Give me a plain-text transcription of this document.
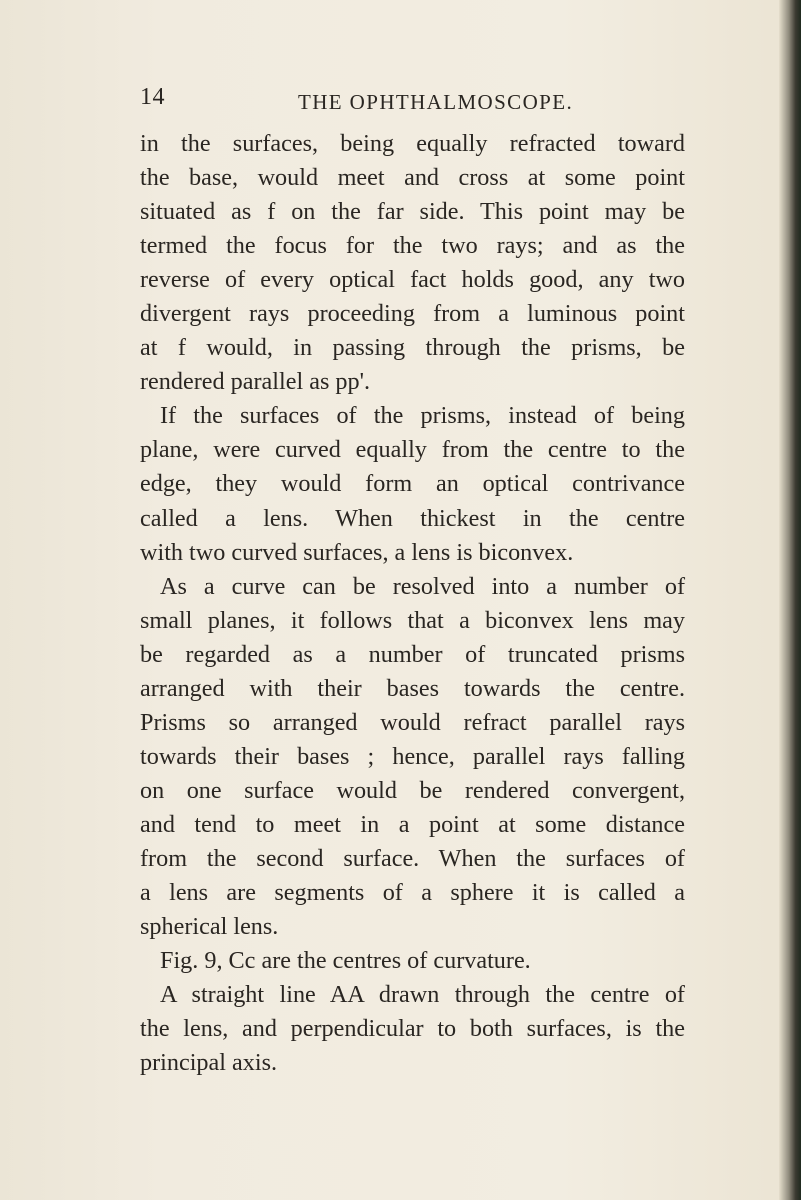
14	THE OPHTHALMOSCOPE.
in the surfaces, being equally refracted toward
the base, would meet and cross at some point
situated as f on the far side. This point may be
termed the focus for the two rays; and as the
reverse of every optical fact holds good, any two
divergent rays proceeding from a luminous point
at f would, in passing through the prisms, be
rendered parallel as pp'.
If the surfaces of the prisms, instead of being
plane, were curved equally from the centre to the
edge, they would form an optical contrivance
called a lens. When thickest in the centre
with two curved surfaces, a lens is biconvex.
As a curve can be resolved into a number of
small planes, it follows that a biconvex lens may
be regarded as a number of truncated prisms
arranged with their bases towards the centre.
Prisms so arranged would refract parallel rays
towards their bases ; hence, parallel rays falling
on one surface would be rendered convergent,
and tend to meet in a point at some distance
from the second surface. When the surfaces of
a lens are segments of a sphere it is called a
spherical lens.
Fig. 9, Cc are the centres of curvature.
A straight line AA drawn through the centre of
the lens, and perpendicular to both surfaces, is the
principal axis.
